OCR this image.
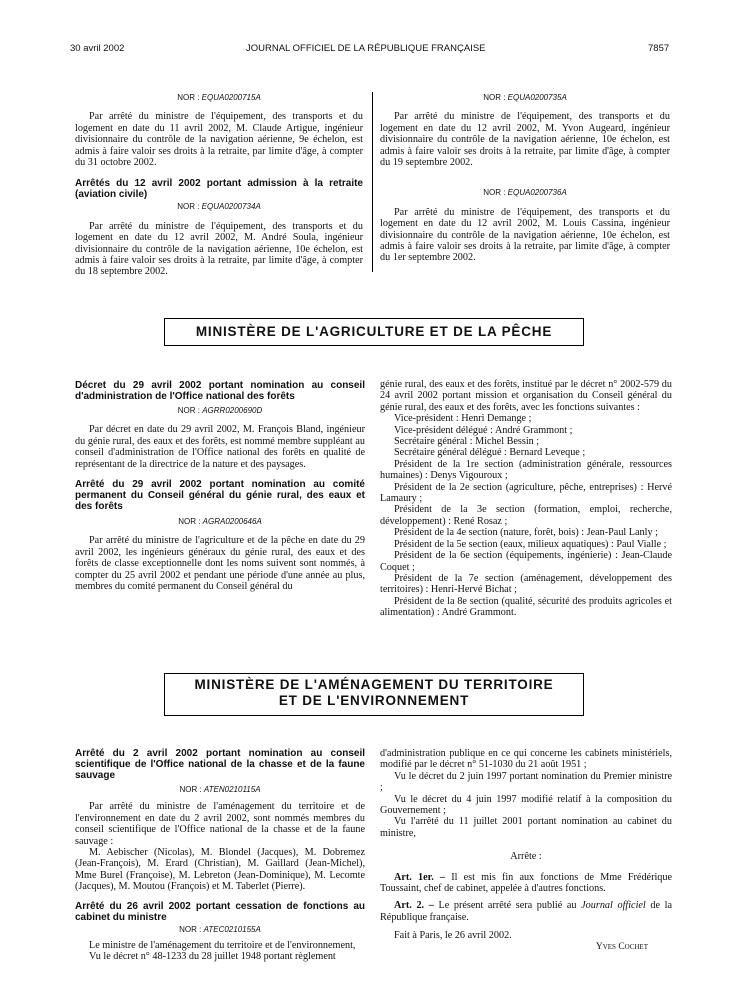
30 avril 2002	JOURNAL OFFICIEL DE LA RÉPUBLIQUE FRANÇAISE	7857
NOR : EQUA0200715A

Par arrêté du ministre de l'équipement, des transports et du logement en date du 11 avril 2002, M. Claude Artigue, ingénieur divisionnaire du contrôle de la navigation aérienne, 9e échelon, est admis à faire valoir ses droits à la retraite, par limite d'âge, à compter du 31 octobre 2002.

Arrêtés du 12 avril 2002 portant admission à la retraite (aviation civile)

NOR : EQUA0200734A

Par arrêté du ministre de l'équipement, des transports et du logement en date du 12 avril 2002, M. André Soula, ingénieur divisionnaire du contrôle de la navigation aérienne, 10e échelon, est admis à faire valoir ses droits à la retraite, par limite d'âge, à compter du 18 septembre 2002.

NOR : EQUA0200735A

Par arrêté du ministre de l'équipement, des transports et du logement en date du 12 avril 2002, M. Yvon Augeard, ingénieur divisionnaire du contrôle de la navigation aérienne, 10e échelon, est admis à faire valoir ses droits à la retraite, par limite d'âge, à compter du 19 septembre 2002.

NOR : EQUA0200736A

Par arrêté du ministre de l'équipement, des transports et du logement en date du 12 avril 2002, M. Louis Cassina, ingénieur divisionnaire du contrôle de la navigation aérienne, 10e échelon, est admis à faire valoir ses droits à la retraite, par limite d'âge, à compter du 1er septembre 2002.

MINISTÈRE DE L'AGRICULTURE ET DE LA PÊCHE

Décret du 29 avril 2002 portant nomination au conseil d'administration de l'Office national des forêts

NOR : AGRR0200690D

Par décret en date du 29 avril 2002, M. François Bland, ingénieur du génie rural, des eaux et des forêts, est nommé membre suppléant au conseil d'administration de l'Office national des forêts en qualité de représentant de la directrice de la nature et des paysages.

Arrêté du 29 avril 2002 portant nomination au comité permanent du Conseil général du génie rural, des eaux et des forêts

NOR : AGRA0200646A

Par arrêté du ministre de l'agriculture et de la pêche en date du 29 avril 2002, les ingénieurs généraux du génie rural, des eaux et des forêts de classe exceptionnelle dont les noms suivent sont nommés, à compter du 25 avril 2002 et pendant une période d'une année au plus, membres du comité permanent du Conseil général du

génie rural, des eaux et des forêts, institué par le décret n° 2002-579 du 24 avril 2002 portant mission et organisation du Conseil général du génie rural, des eaux et des forêts, avec les fonctions suivantes :

Vice-président : Henri Demange ;

Vice-président délégué : André Grammont ;

Secrétaire général : Michel Bessin ;

Secrétaire général délégué : Bernard Leveque ;

Président de la 1re section (administration générale, ressources humaines) : Denys Vigouroux ;

Président de la 2e section (agriculture, pêche, entreprises) : Hervé Lamaury ;

Président de la 3e section (formation, emploi, recherche, développement) : René Rosaz ;

Président de la 4e section (nature, forêt, bois) : Jean-Paul Lanly ;

Président de la 5e section (eaux, milieux aquatiques) : Paul Vialle ;

Président de la 6e section (équipements, ingénierie) : Jean-Claude Coquet ;

Président de la 7e section (aménagement, développement des territoires) : Henri-Hervé Bichat ;

Président de la 8e section (qualité, sécurité des produits agricoles et alimentation) : André Grammont.

MINISTÈRE DE L'AMÉNAGEMENT DU TERRITOIRE
ET DE L'ENVIRONNEMENT

Arrêté du 2 avril 2002 portant nomination au conseil scientifique de l'Office national de la chasse et de la faune sauvage

NOR : ATEN0210115A

Par arrêté du ministre de l'aménagement du territoire et de l'environnement en date du 2 avril 2002, sont nommés membres du conseil scientifique de l'Office national de la chasse et de la faune sauvage :

M. Aebischer (Nicolas), M. Blondel (Jacques), M. Dobremez (Jean-François), M. Erard (Christian), M. Gaillard (Jean-Michel), Mme Burel (Françoise), M. Lebreton (Jean-Dominique), M. Lecomte (Jacques), M. Moutou (François) et M. Taberlet (Pierre).

Arrêté du 26 avril 2002 portant cessation de fonctions au cabinet du ministre

NOR : ATEC0210155A

Le ministre de l'aménagement du territoire et de l'environnement,

Vu le décret n° 48-1233 du 28 juillet 1948 portant règlement

d'administration publique en ce qui concerne les cabinets ministériels, modifié par le décret n° 51-1030 du 21 août 1951 ;

Vu le décret du 2 juin 1997 portant nomination du Premier ministre ;

Vu le décret du 4 juin 1997 modifié relatif à la composition du Gouvernement ;

Vu l'arrêté du 11 juillet 2001 portant nomination au cabinet du ministre,

Arrête :

Art. 1er. – Il est mis fin aux fonctions de Mme Frédérique Toussaint, chef de cabinet, appelée à d'autres fonctions.

Art. 2. – Le présent arrêté sera publié au Journal officiel de la République française.

Fait à Paris, le 26 avril 2002.

Yves Cochet
